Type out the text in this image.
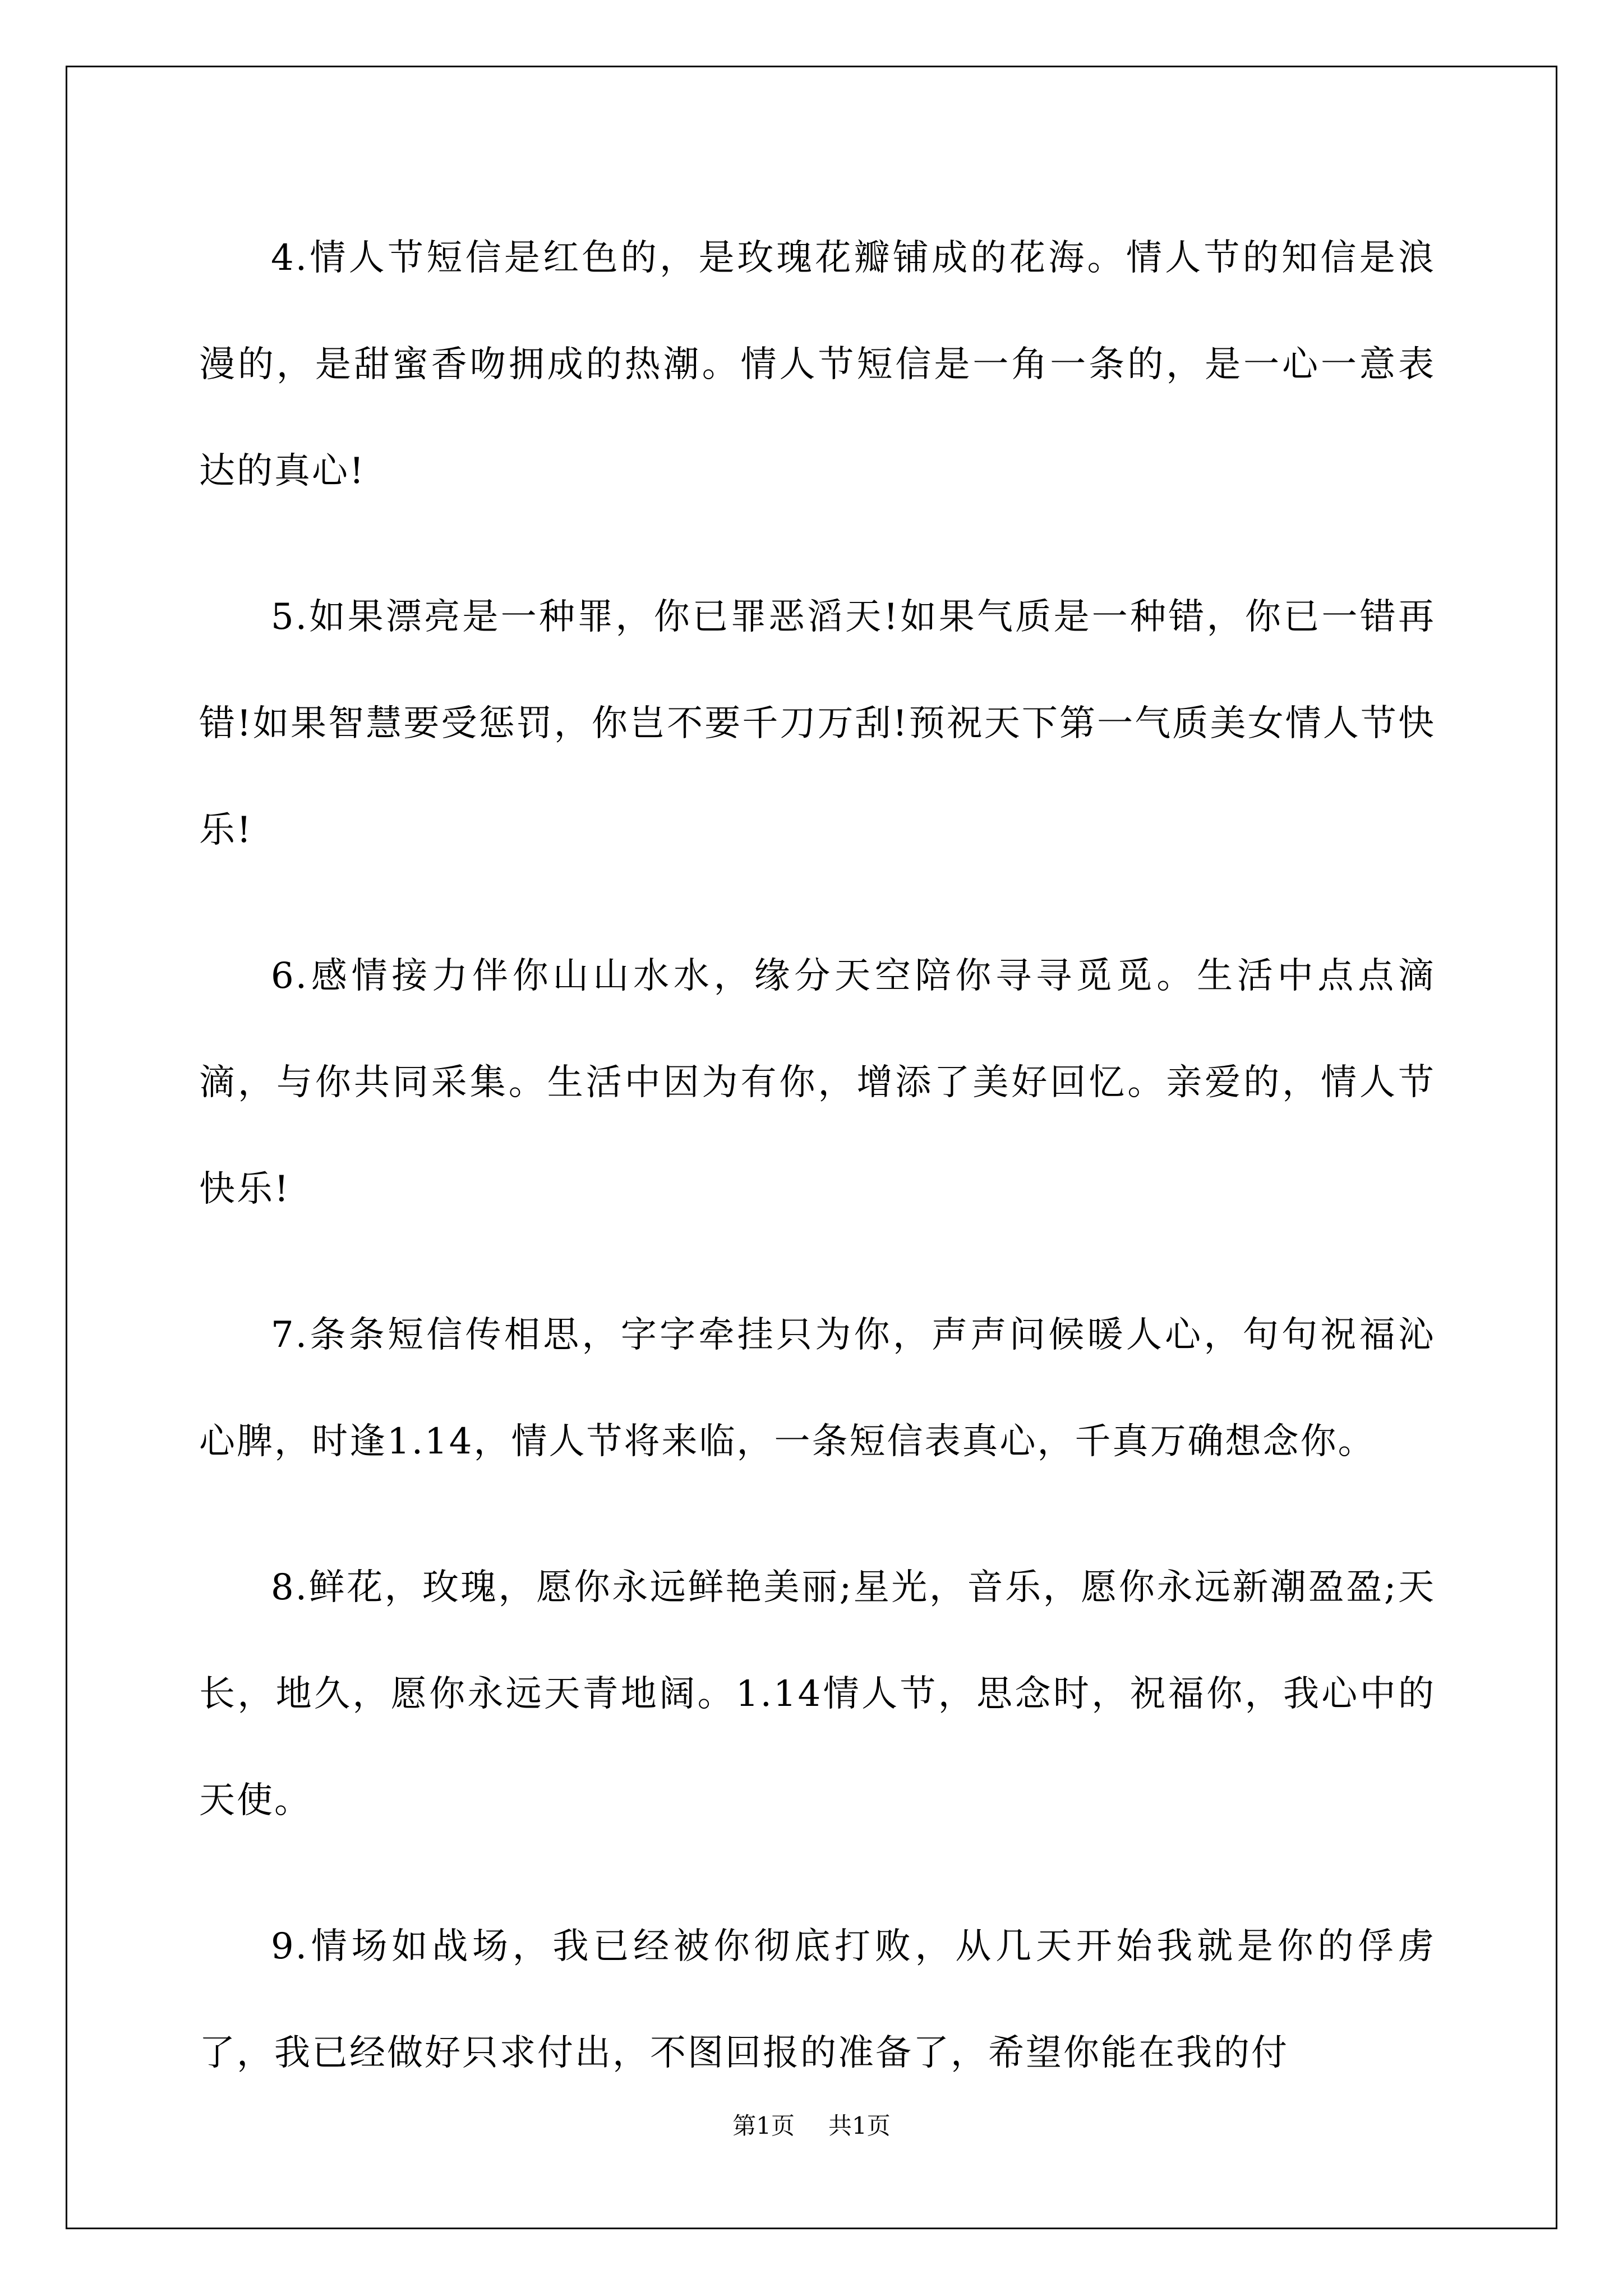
4.情人节短信是红色的，是玫瑰花瓣铺成的花海。情人节的知信是浪漫的，是甜蜜香吻拥成的热潮。情人节短信是一角一条的，是一心一意表达的真心!

5.如果漂亮是一种罪，你已罪恶滔天!如果气质是一种错，你已一错再错!如果智慧要受惩罚，你岂不要千刀万刮!预祝天下第一气质美女情人节快乐!

6.感情接力伴你山山水水，缘分天空陪你寻寻觅觅。生活中点点滴滴，与你共同采集。生活中因为有你，增添了美好回忆。亲爱的，情人节快乐!

7.条条短信传相思，字字牵挂只为你，声声问候暖人心，句句祝福沁心脾，时逢1.14，情人节将来临，一条短信表真心，千真万确想念你。

8.鲜花，玫瑰，愿你永远鲜艳美丽;星光，音乐，愿你永远新潮盈盈;天长，地久，愿你永远天青地阔。1.14情人节，思念时，祝福你，我心中的天使。

9.情场如战场，我已经被你彻底打败，从几天开始我就是你的俘虏了，我已经做好只求付出，不图回报的准备了，希望你能在我的付

第1页 共1页
